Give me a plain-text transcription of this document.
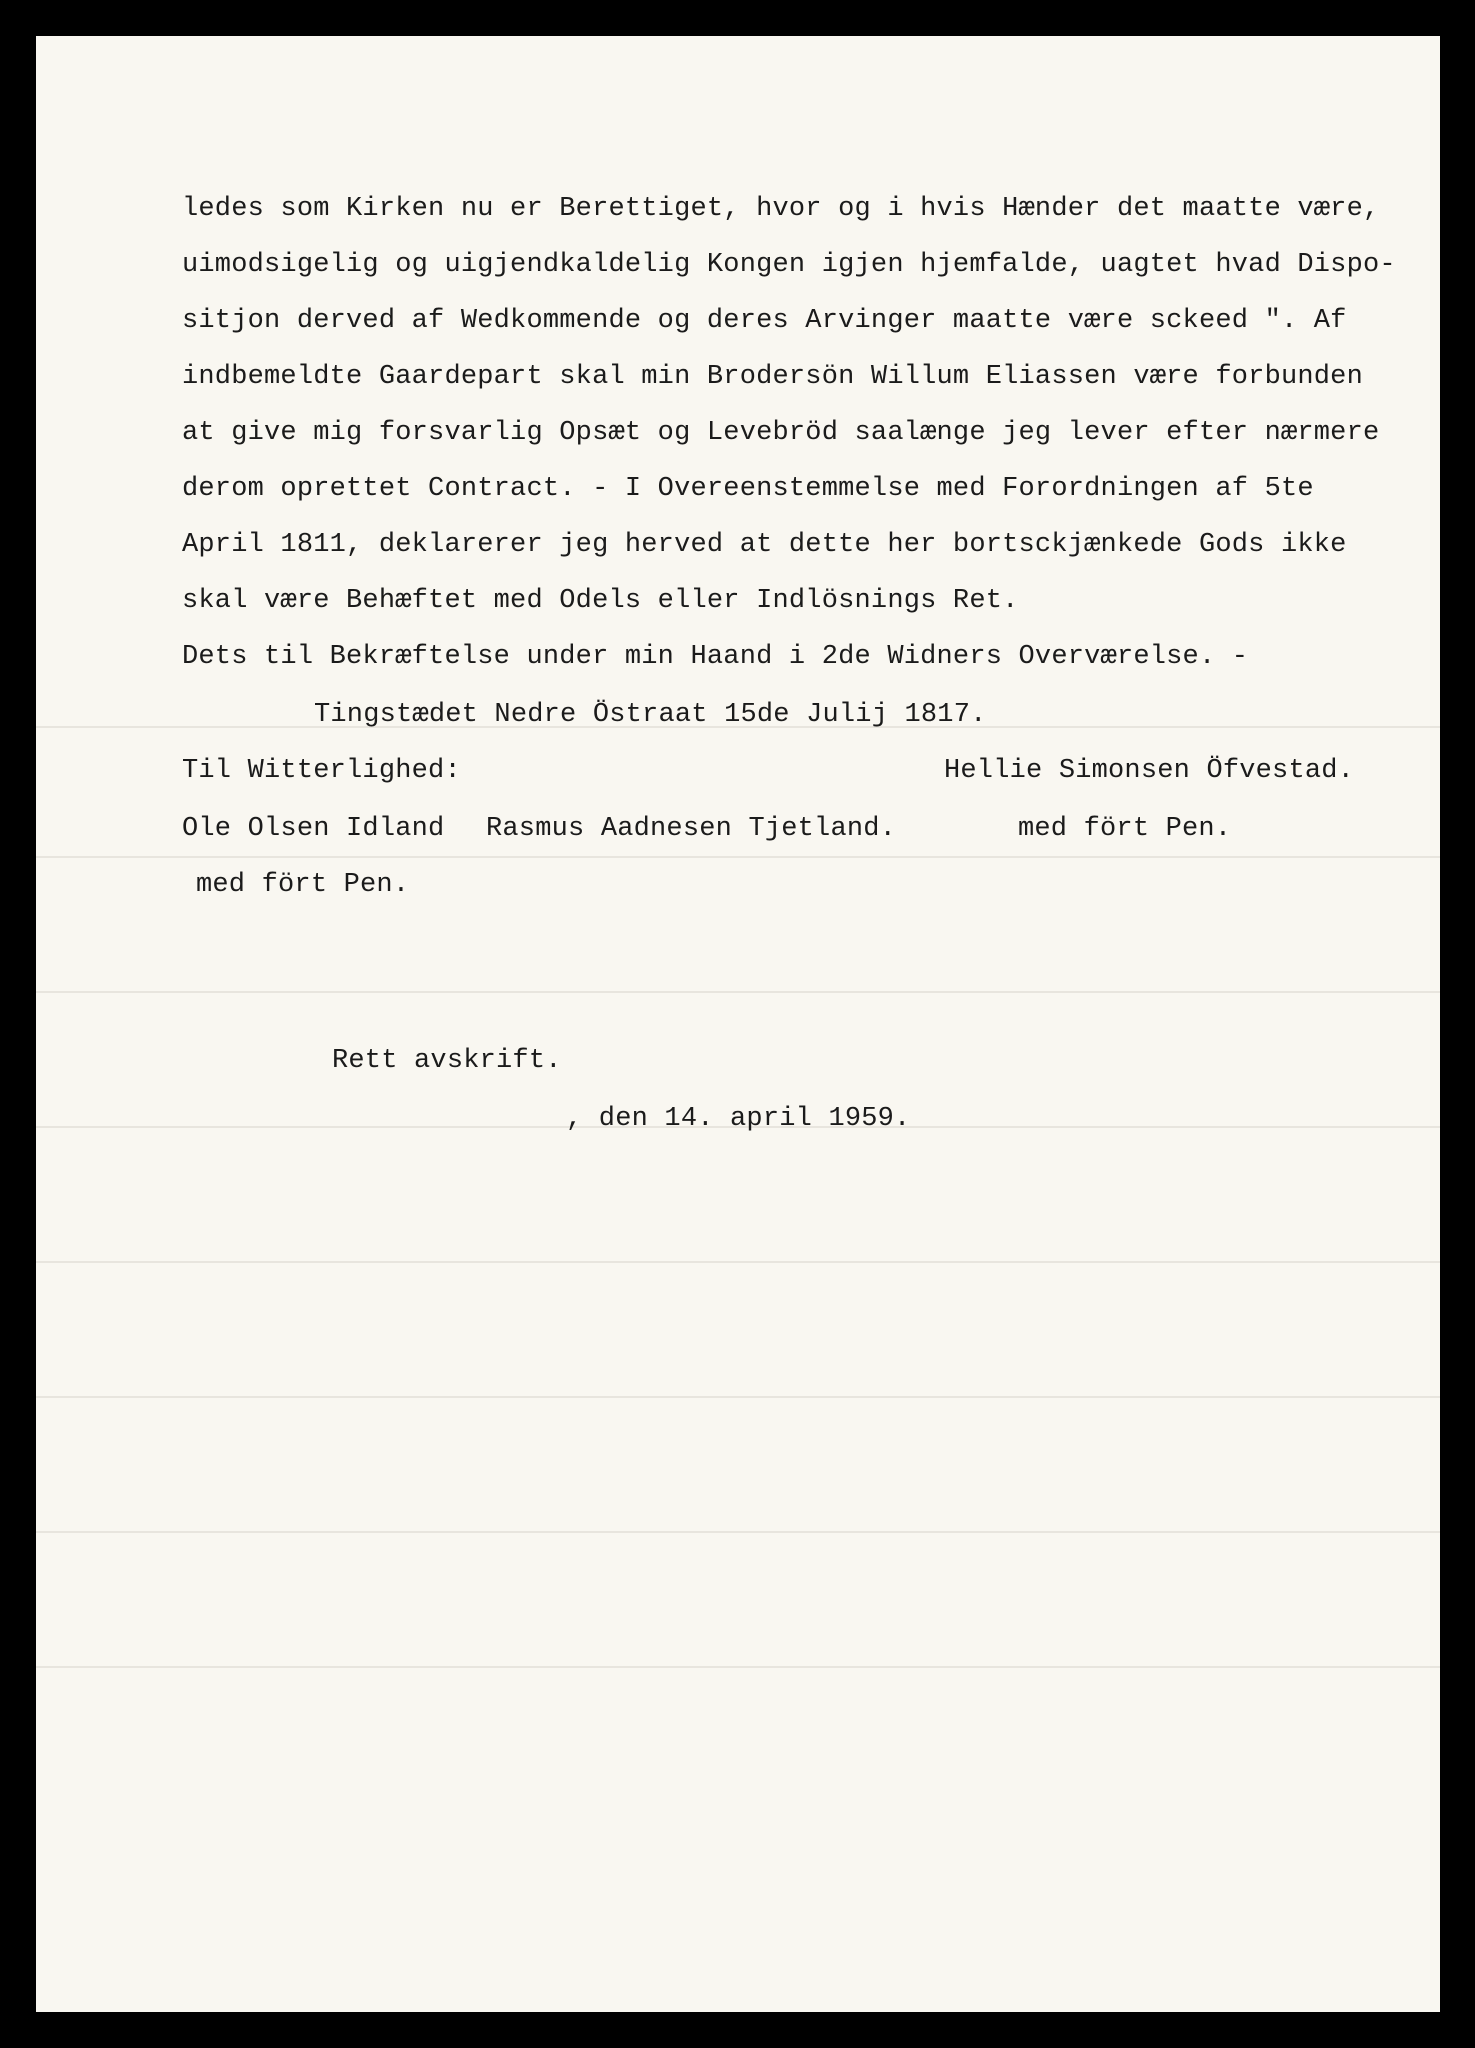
ledes som Kirken nu er Berettiget, hvor og i hvis Hænder det maatte være,
uimodsigelig og uigjendkaldelig Kongen igjen hjemfalde, uagtet hvad Dispo-
sitjon derved af Wedkommende og deres Arvinger maatte være sckeed ". Af
indbemeldte Gaardepart skal min Brodersön Willum Eliassen være forbunden
at give mig forsvarlig Opsæt og Levebröd saalænge jeg lever efter nærmere
derom oprettet Contract. - I Overeenstemmelse med Forordningen af 5te
April 1811, deklarerer jeg herved at dette her bortsckjænkede Gods ikke
skal være Behæftet med Odels eller Indlösnings Ret.
Dets til Bekræftelse under min Haand i 2de Widners Overværelse. -
Tingstædet Nedre Östraat 15de Julij 1817.
Til Witterlighed:	Hellie Simonsen Öfvestad.
Ole Olsen Idland Rasmus Aadnesen Tjetland.	med fört Pen.
med fört Pen.
Rett avskrift.
, den 14. april 1959.
